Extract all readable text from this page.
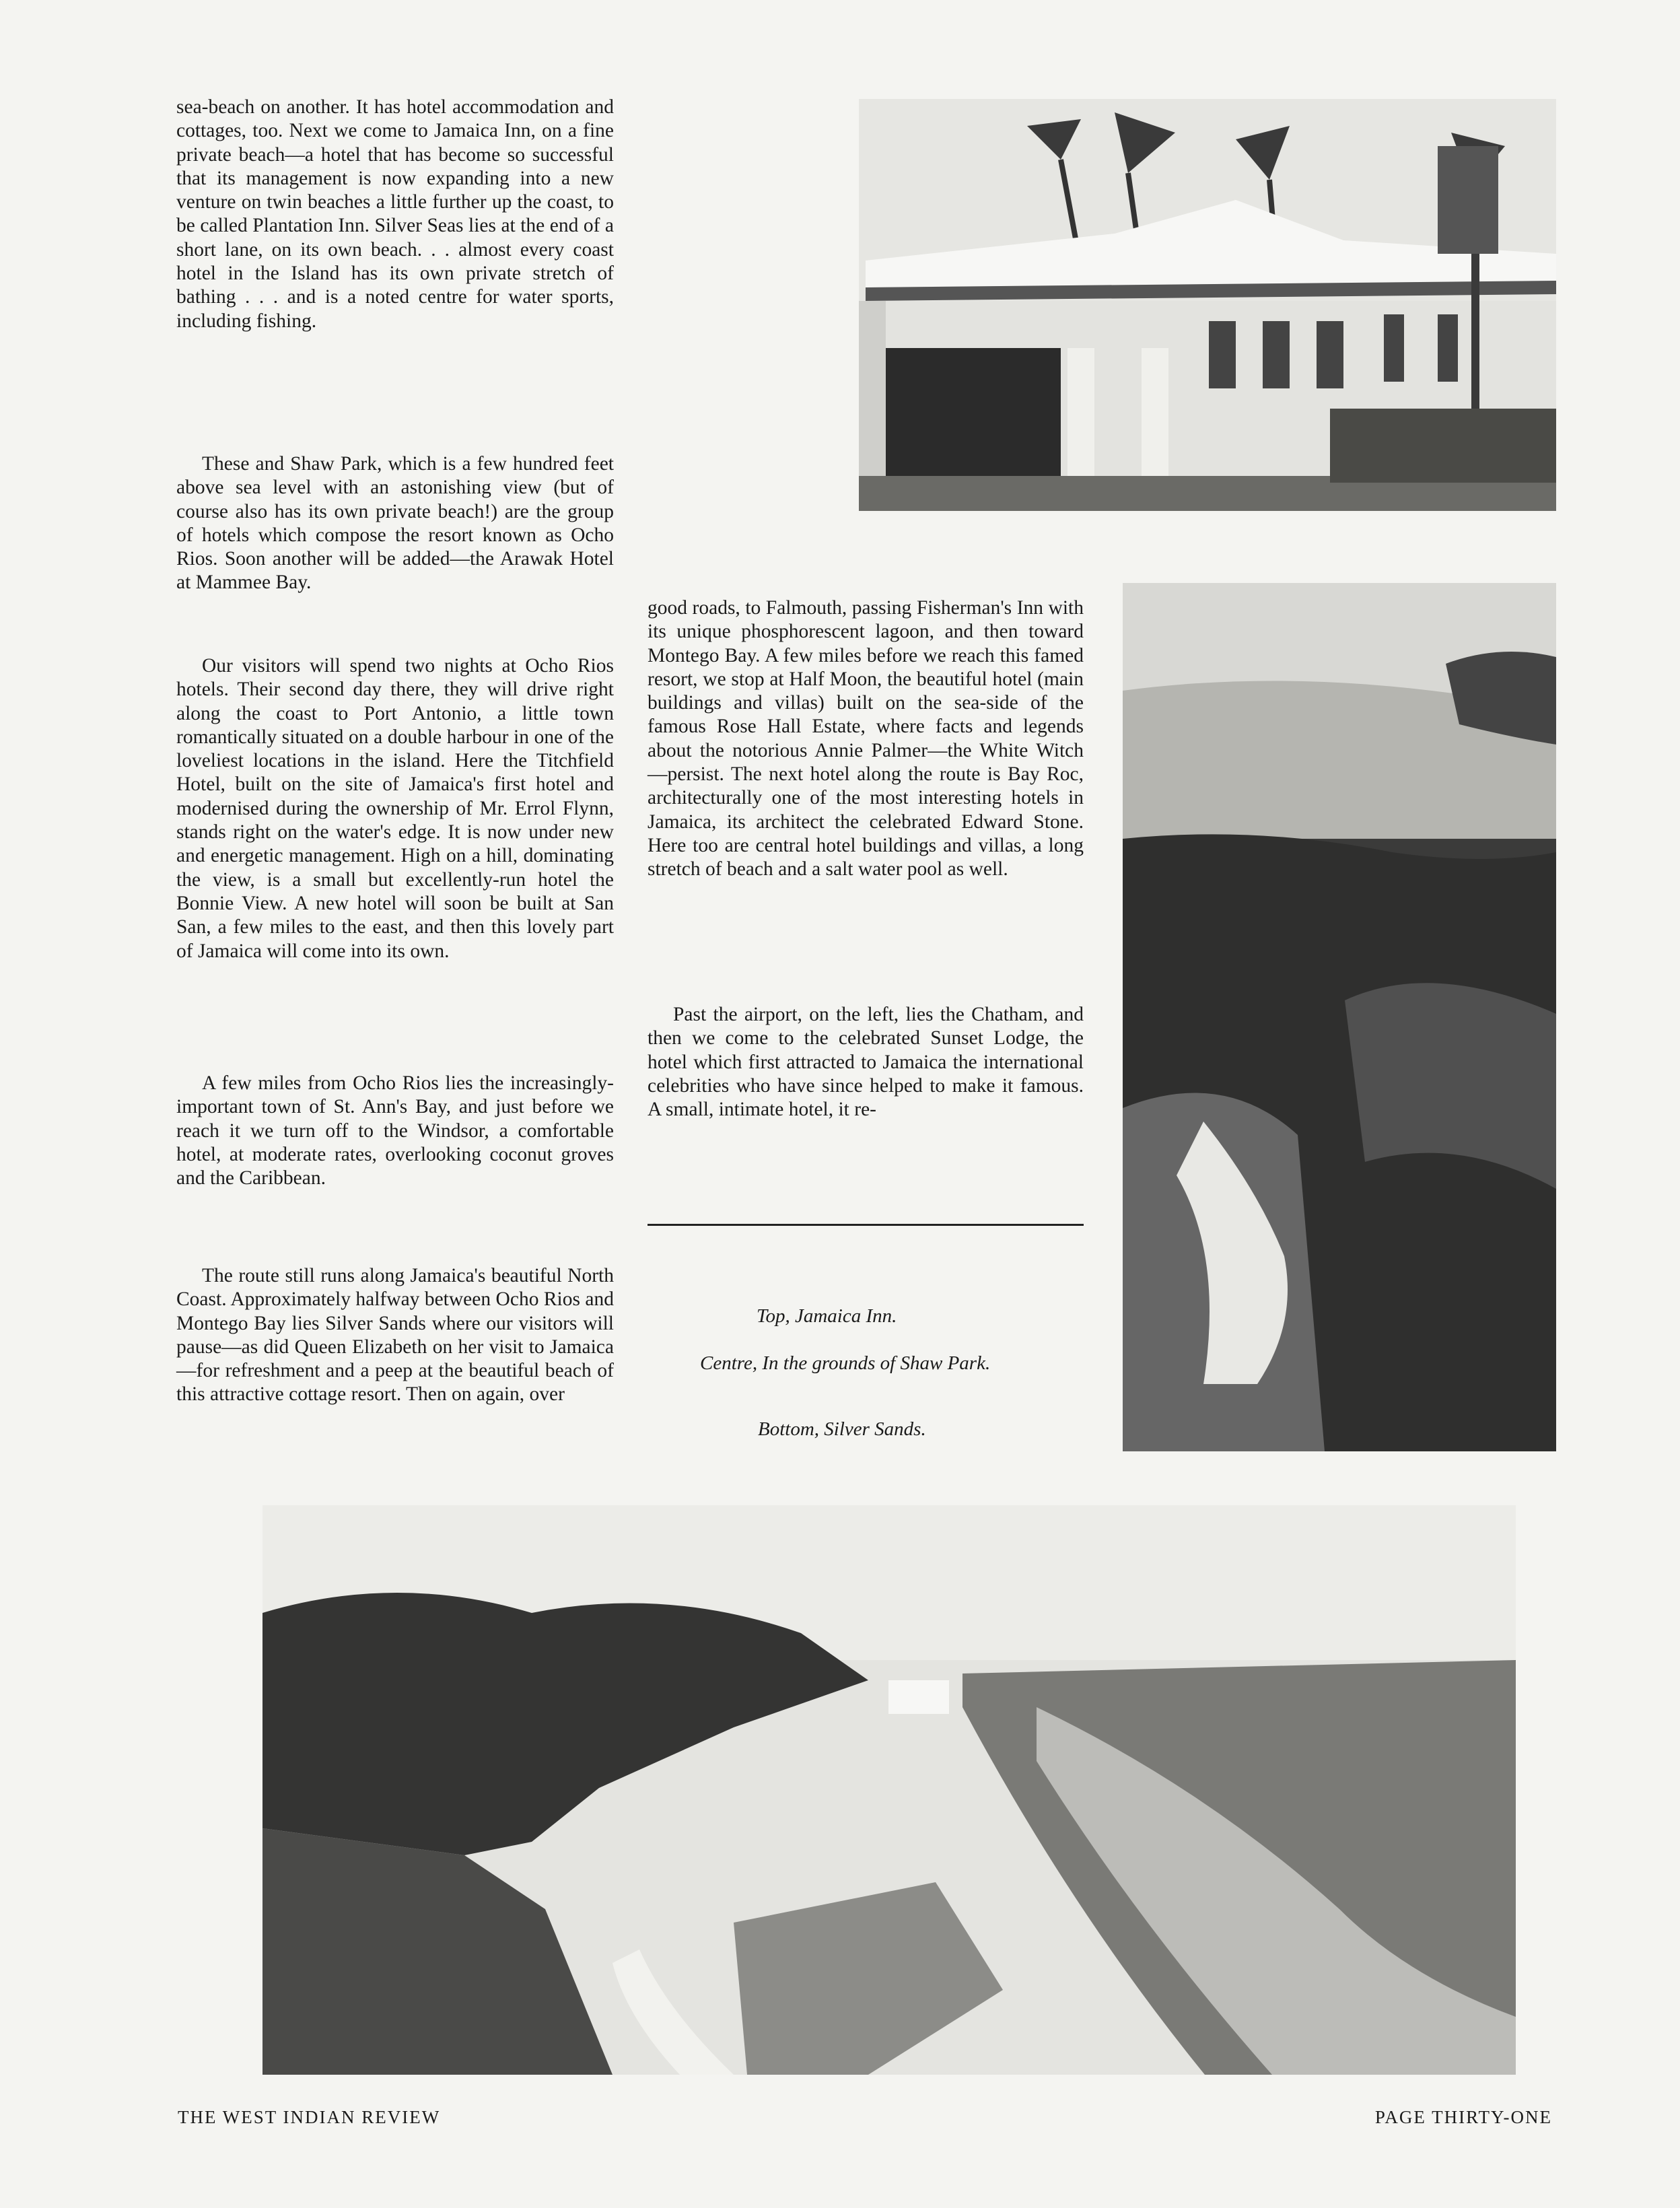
sea-beach on another. It has hotel accommodation and cottages, too. Next we come to Jamaica Inn, on a fine private beach—a hotel that has become so successful that its management is now expanding into a new venture on twin beaches a little further up the coast, to be called Plantation Inn. Silver Seas lies at the end of a short lane, on its own beach. . . almost every coast hotel in the Island has its own private stretch of bathing . . . and is a noted centre for water sports, including fishing.

These and Shaw Park, which is a few hundred feet above sea level with an astonishing view (but of course also has its own private beach!) are the group of hotels which compose the resort known as Ocho Rios. Soon another will be added—the Arawak Hotel at Mammee Bay.

Our visitors will spend two nights at Ocho Rios hotels. Their second day there, they will drive right along the coast to Port Antonio, a little town romantically situated on a double harbour in one of the loveliest locations in the island. Here the Titchfield Hotel, built on the site of Jamaica's first hotel and modernised during the ownership of Mr. Errol Flynn, stands right on the water's edge. It is now under new and energetic management. High on a hill, dominating the view, is a small but excellently-run hotel the Bonnie View. A new hotel will soon be built at San San, a few miles to the east, and then this lovely part of Jamaica will come into its own.

A few miles from Ocho Rios lies the increasingly-important town of St. Ann's Bay, and just before we reach it we turn off to the Windsor, a comfortable hotel, at moderate rates, overlooking coconut groves and the Caribbean.

The route still runs along Jamaica's beautiful North Coast. Approximately halfway between Ocho Rios and Montego Bay lies Silver Sands where our visitors will pause—as did Queen Elizabeth on her visit to Jamaica—for refreshment and a peep at the beautiful beach of this attractive cottage resort. Then on again, over

good roads, to Falmouth, passing Fisherman's Inn with its unique phosphorescent lagoon, and then toward Montego Bay. A few miles before we reach this famed resort, we stop at Half Moon, the beautiful hotel (main buildings and villas) built on the sea-side of the famous Rose Hall Estate, where facts and legends about the notorious Annie Palmer—the White Witch—persist. The next hotel along the route is Bay Roc, architecturally one of the most interesting hotels in Jamaica, its architect the celebrated Edward Stone. Here too are central hotel buildings and villas, a long stretch of beach and a salt water pool as well.

Past the airport, on the left, lies the Chatham, and then we come to the celebrated Sunset Lodge, the hotel which first attracted to Jamaica the international celebrities who have since helped to make it famous. A small, intimate hotel, it re-

Top, Jamaica Inn.
Centre, In the grounds of Shaw Park.
Bottom, Silver Sands.
THE WEST INDIAN REVIEW	PAGE THIRTY-ONE
